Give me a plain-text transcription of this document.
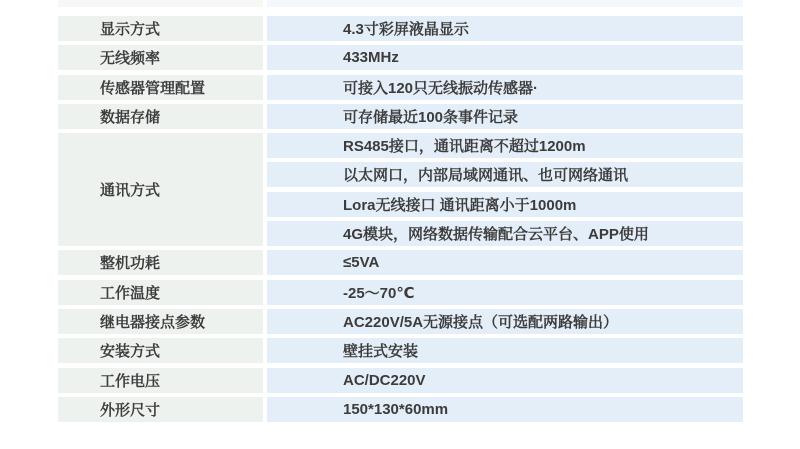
显示方式
无线频率
传感器管理配置
数据存储
通讯方式
整机功耗
工作温度
继电器接点参数
安装方式
工作电压
外形尺寸
4.3寸彩屏液晶显示
433MHz
可接入120只无线振动传感器·
可存储最近100条事件记录
RS485接口，通讯距离不超过1200m
以太网口，内部局域网通讯、也可网络通讯
Lora无线接口 通讯距离小于1000m
4G模块，网络数据传输配合云平台、APP使用
≤5VA
-25～70℃
AC220V/5A无源接点（可选配两路输出）
壁挂式安装
AC/DC220V
150*130*60mm
